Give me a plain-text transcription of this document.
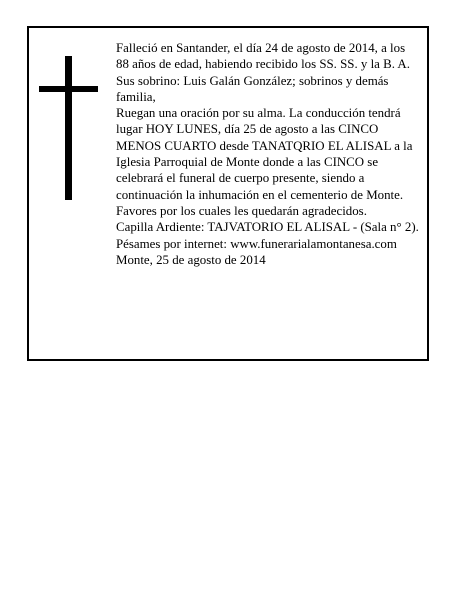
Falleció en Santander, el día 24 de agosto de 2014, a los 88 años de edad, habiendo recibido los SS. SS. y la B. A.

Sus sobrino: Luis Galán González; sobrinos y demás familia,

Ruegan una oración por su alma. La conducción tendrá lugar HOY LUNES, día 25 de agosto a las CINCO MENOS CUARTO desde TANATQRIO EL ALISAL a la Iglesia Parroquial de Monte donde a las CINCO se celebrará el funeral de cuerpo presente, siendo a continuación la inhumación en el cementerio de Monte.

Favores por los cuales les quedarán agradecidos.

Capilla Ardiente: TAJVATORIO EL ALISAL - (Sala n° 2).

Pésames por internet: www.funerarialamontanesa.com

Monte, 25 de agosto de 2014
